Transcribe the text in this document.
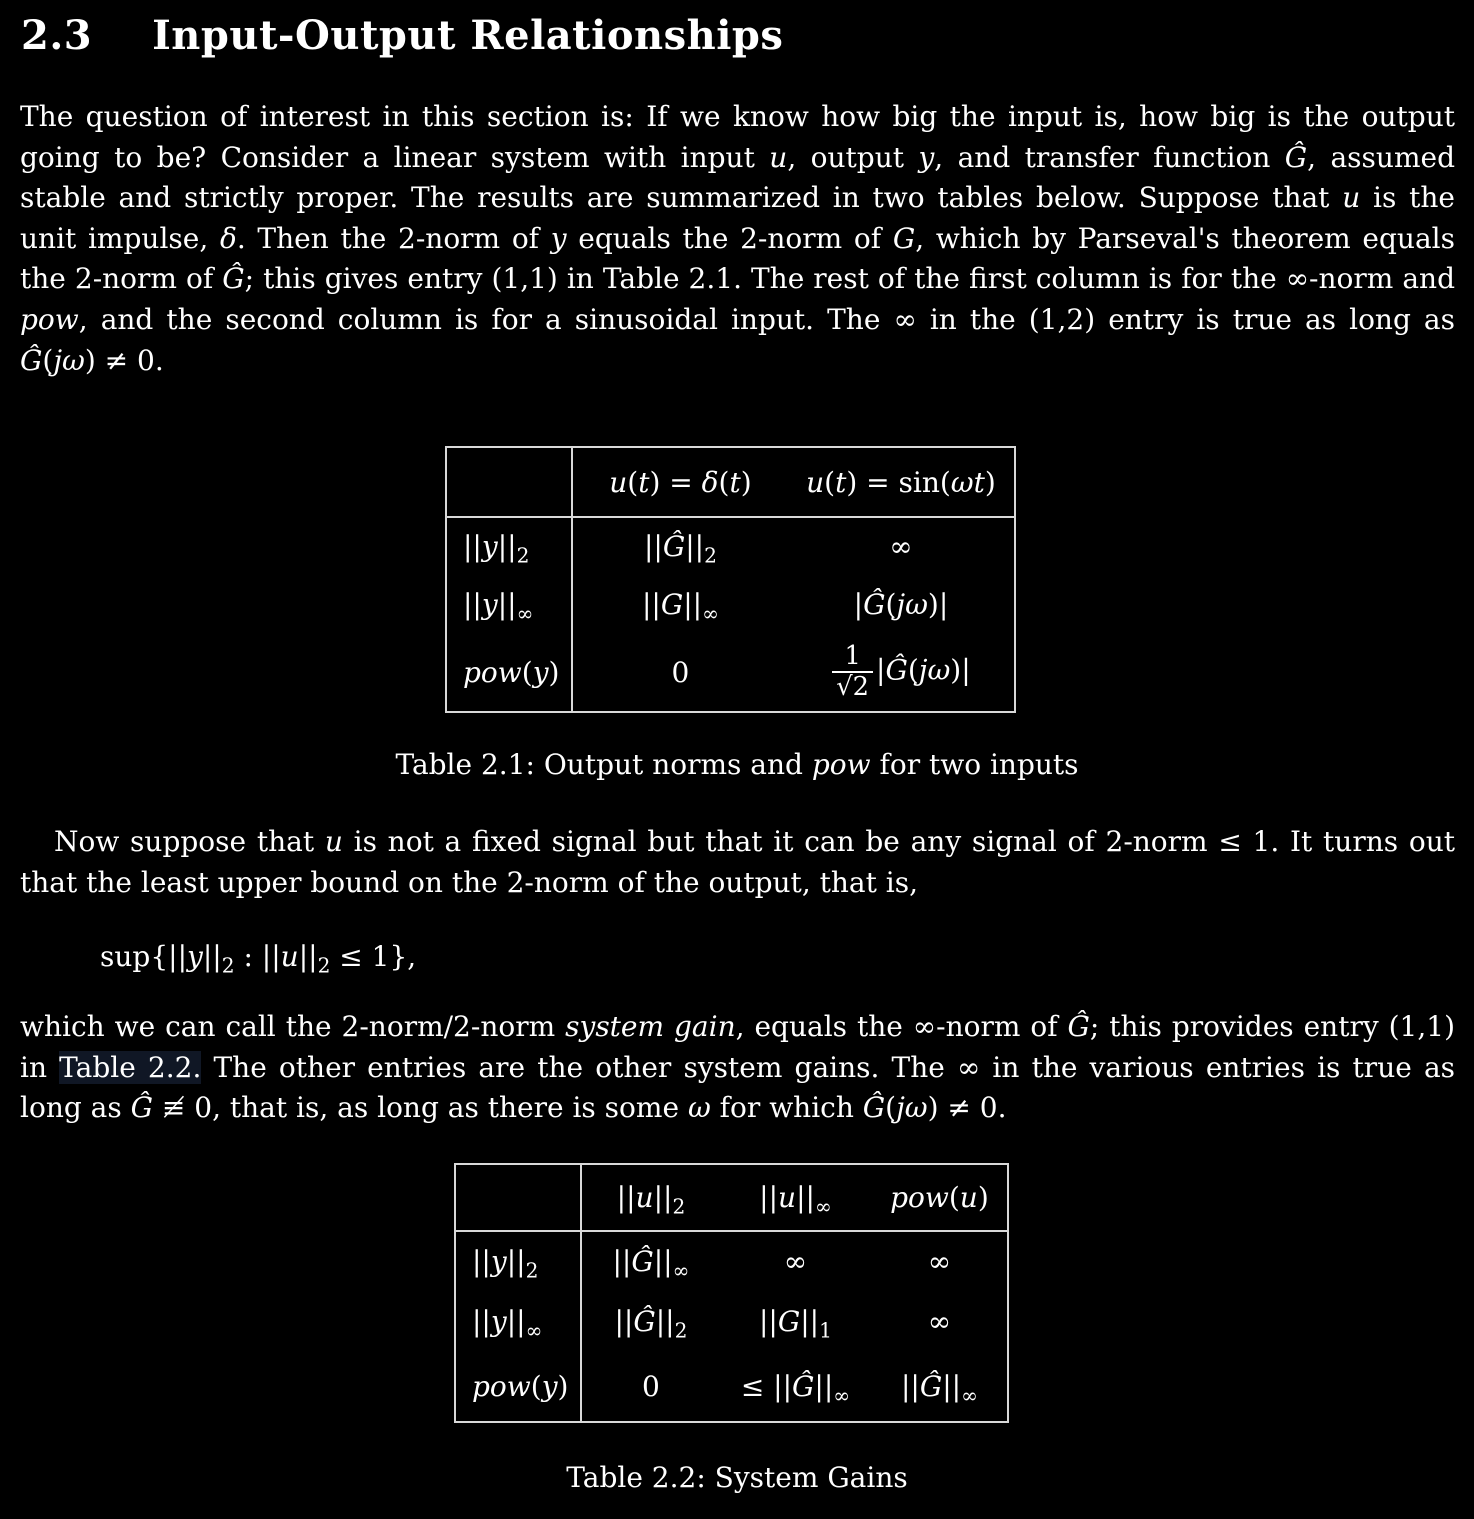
2.3 Input-Output Relationships
The question of interest in this section is: If we know how big the input is, how big is the output going to be? Consider a linear system with input u, output y, and transfer function Ĝ, assumed stable and strictly proper. The results are summarized in two tables below. Suppose that u is the unit impulse, δ. Then the 2-norm of y equals the 2-norm of G, which by Parseval's theorem equals the 2-norm of Ĝ; this gives entry (1,1) in Table 2.1. The rest of the first column is for the ∞-norm and pow, and the second column is for a sinusoidal input. The ∞ in the (1,2) entry is true as long as Ĝ(jω) ≠ 0.
	u(t) = δ(t)	u(t) = sin(ωt)
$||y||_2$	$||Ĝ||_2$	∞
$||y||_\infty$	$||G||_\infty$	|Ĝ(jω)|
pow(y)	0	$\frac{1}{√2}$ |Ĝ(jω)|
Table 2.1: Output norms and pow for two inputs
Now suppose that u is not a fixed signal but that it can be any signal of 2-norm ≤ 1. It turns out that the least upper bound on the 2-norm of the output, that is,
$sup\{||y||_2$ : $||u||_2 \le 1$},
which we can call the 2-norm/2-norm system gain, equals the ∞-norm of Ĝ; this provides entry (1,1) in Table 2.2. The other entries are the other system gains. The ∞ in the various entries is true as long as Ĝ ≢ 0, that is, as long as there is some ω for which Ĝ(jω) ≠ 0.
	$||u||_2$	$||u||_\infty$	pow(u)
$||y||_2$	$||Ĝ||_\infty$	∞	∞
$||y||_\infty$	$||Ĝ||_2$	$||G||_1$	∞
pow(y)	0	≤ $||Ĝ||_\infty$	$||Ĝ||_\infty$
Table 2.2: System Gains
